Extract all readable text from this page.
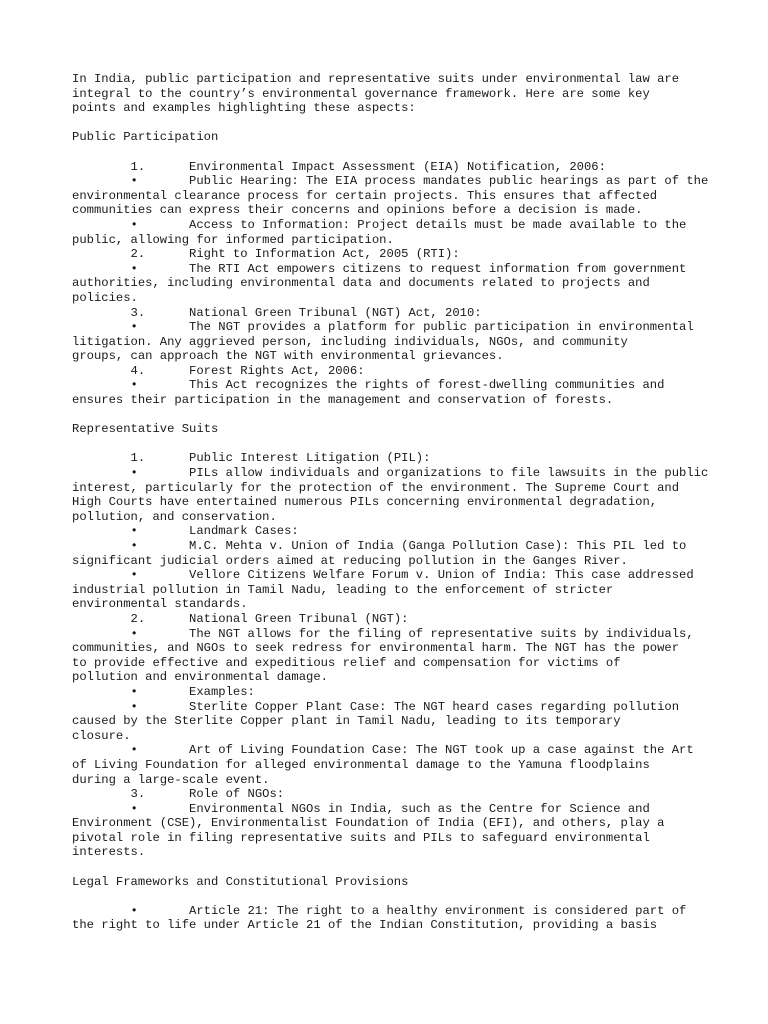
In India, public participation and representative suits under environmental law are
integral to the country’s environmental governance framework. Here are some key
points and examples highlighting these aspects:
Public Participation
	1.	Environmental Impact Assessment (EIA) Notification, 2006:
	•	Public Hearing: The EIA process mandates public hearings as part of the
environmental clearance process for certain projects. This ensures that affected
communities can express their concerns and opinions before a decision is made.
	•	Access to Information: Project details must be made available to the
public, allowing for informed participation.
	2.	Right to Information Act, 2005 (RTI):
	•	The RTI Act empowers citizens to request information from government
authorities, including environmental data and documents related to projects and
policies.
	3.	National Green Tribunal (NGT) Act, 2010:
	•	The NGT provides a platform for public participation in environmental
litigation. Any aggrieved person, including individuals, NGOs, and community
groups, can approach the NGT with environmental grievances.
	4.	Forest Rights Act, 2006:
	•	This Act recognizes the rights of forest-dwelling communities and
ensures their participation in the management and conservation of forests.
Representative Suits
	1.	Public Interest Litigation (PIL):
	•	PILs allow individuals and organizations to file lawsuits in the public
interest, particularly for the protection of the environment. The Supreme Court and
High Courts have entertained numerous PILs concerning environmental degradation,
pollution, and conservation.
	•	Landmark Cases:
	•	M.C. Mehta v. Union of India (Ganga Pollution Case): This PIL led to
significant judicial orders aimed at reducing pollution in the Ganges River.
	•	Vellore Citizens Welfare Forum v. Union of India: This case addressed
industrial pollution in Tamil Nadu, leading to the enforcement of stricter
environmental standards.
	2.	National Green Tribunal (NGT):
	•	The NGT allows for the filing of representative suits by individuals,
communities, and NGOs to seek redress for environmental harm. The NGT has the power
to provide effective and expeditious relief and compensation for victims of
pollution and environmental damage.
	•	Examples:
	•	Sterlite Copper Plant Case: The NGT heard cases regarding pollution
caused by the Sterlite Copper plant in Tamil Nadu, leading to its temporary
closure.
	•	Art of Living Foundation Case: The NGT took up a case against the Art
of Living Foundation for alleged environmental damage to the Yamuna floodplains
during a large-scale event.
	3.	Role of NGOs:
	•	Environmental NGOs in India, such as the Centre for Science and
Environment (CSE), Environmentalist Foundation of India (EFI), and others, play a
pivotal role in filing representative suits and PILs to safeguard environmental
interests.
Legal Frameworks and Constitutional Provisions
	•	Article 21: The right to a healthy environment is considered part of
the right to life under Article 21 of the Indian Constitution, providing a basis
